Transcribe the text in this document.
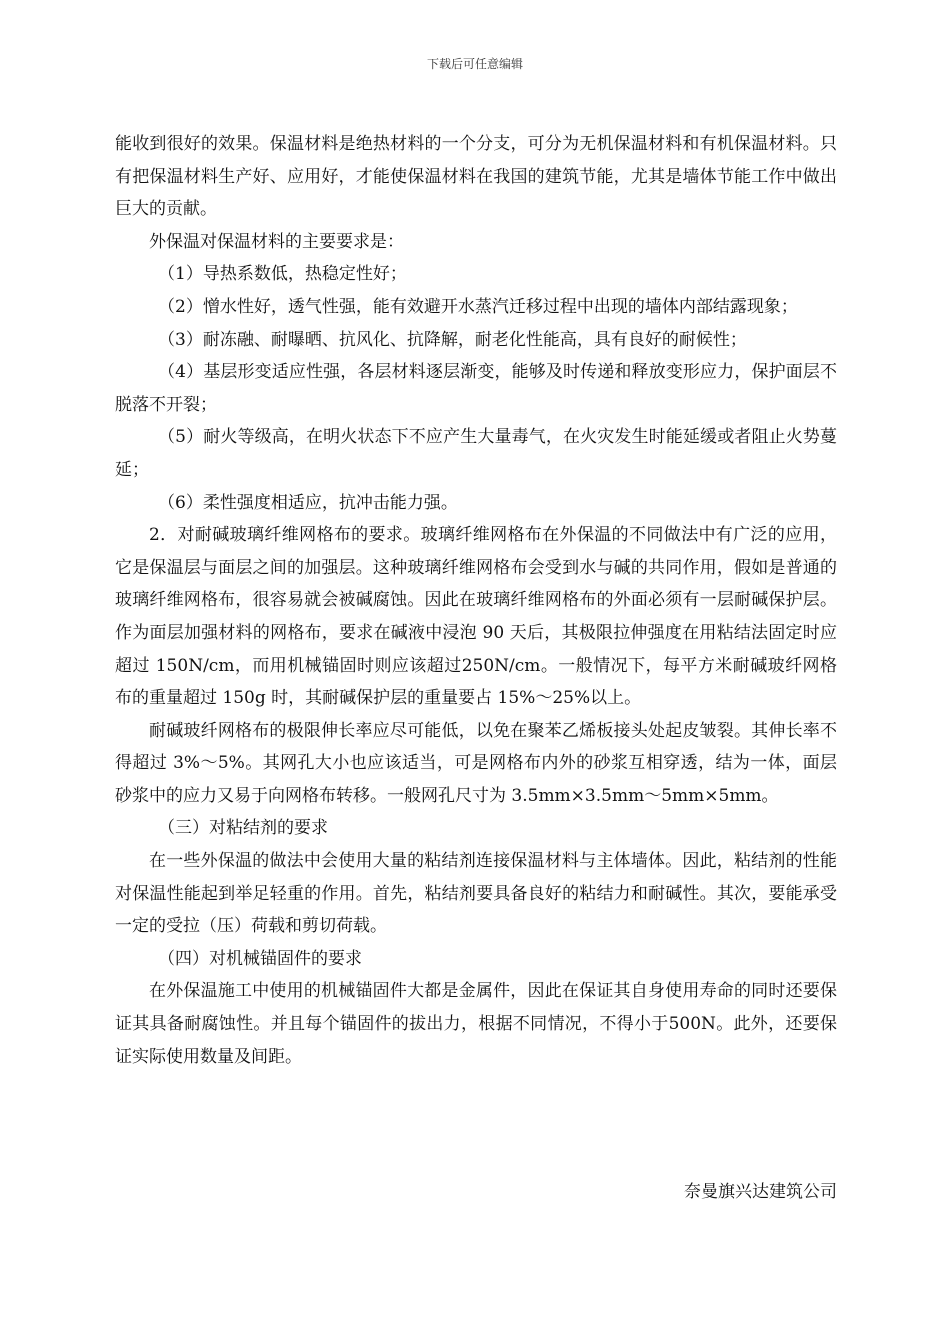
下载后可任意编辑

能收到很好的效果。保温材料是绝热材料的一个分支，可分为无机保温材料和有机保温材料。只有把保温材料生产好、应用好，才能使保温材料在我国的建筑节能，尤其是墙体节能工作中做出巨大的贡献。

外保温对保温材料的主要要求是：

（1）导热系数低，热稳定性好；

（2）憎水性好，透气性强，能有效避开水蒸汽迁移过程中出现的墙体内部结露现象；

（3）耐冻融、耐曝晒、抗风化、抗降解，耐老化性能高，具有良好的耐候性；

（4）基层形变适应性强，各层材料逐层渐变，能够及时传递和释放变形应力，保护面层不脱落不开裂；

（5）耐火等级高，在明火状态下不应产生大量毒气，在火灾发生时能延缓或者阻止火势蔓延；

（6）柔性强度相适应，抗冲击能力强。

2．对耐碱玻璃纤维网格布的要求。玻璃纤维网格布在外保温的不同做法中有广泛的应用，它是保温层与面层之间的加强层。这种玻璃纤维网格布会受到水与碱的共同作用，假如是普通的玻璃纤维网格布，很容易就会被碱腐蚀。因此在玻璃纤维网格布的外面必须有一层耐碱保护层。作为面层加强材料的网格布，要求在碱液中浸泡 90 天后，其极限拉伸强度在用粘结法固定时应超过 150N/cm，而用机械锚固时则应该超过250N/cm。一般情况下，每平方米耐碱玻纤网格布的重量超过 150g 时，其耐碱保护层的重量要占 15%～25%以上。

耐碱玻纤网格布的极限伸长率应尽可能低，以免在聚苯乙烯板接头处起皮皱裂。其伸长率不得超过 3%～5%。其网孔大小也应该适当，可是网格布内外的砂浆互相穿透，结为一体，面层砂浆中的应力又易于向网格布转移。一般网孔尺寸为 3.5mm×3.5mm～5mm×5mm。

（三）对粘结剂的要求

在一些外保温的做法中会使用大量的粘结剂连接保温材料与主体墙体。因此，粘结剂的性能对保温性能起到举足轻重的作用。首先，粘结剂要具备良好的粘结力和耐碱性。其次，要能承受一定的受拉（压）荷载和剪切荷载。

（四）对机械锚固件的要求

在外保温施工中使用的机械锚固件大都是金属件，因此在保证其自身使用寿命的同时还要保证其具备耐腐蚀性。并且每个锚固件的拔出力，根据不同情况，不得小于500N。此外，还要保证实际使用数量及间距。

奈曼旗兴达建筑公司
